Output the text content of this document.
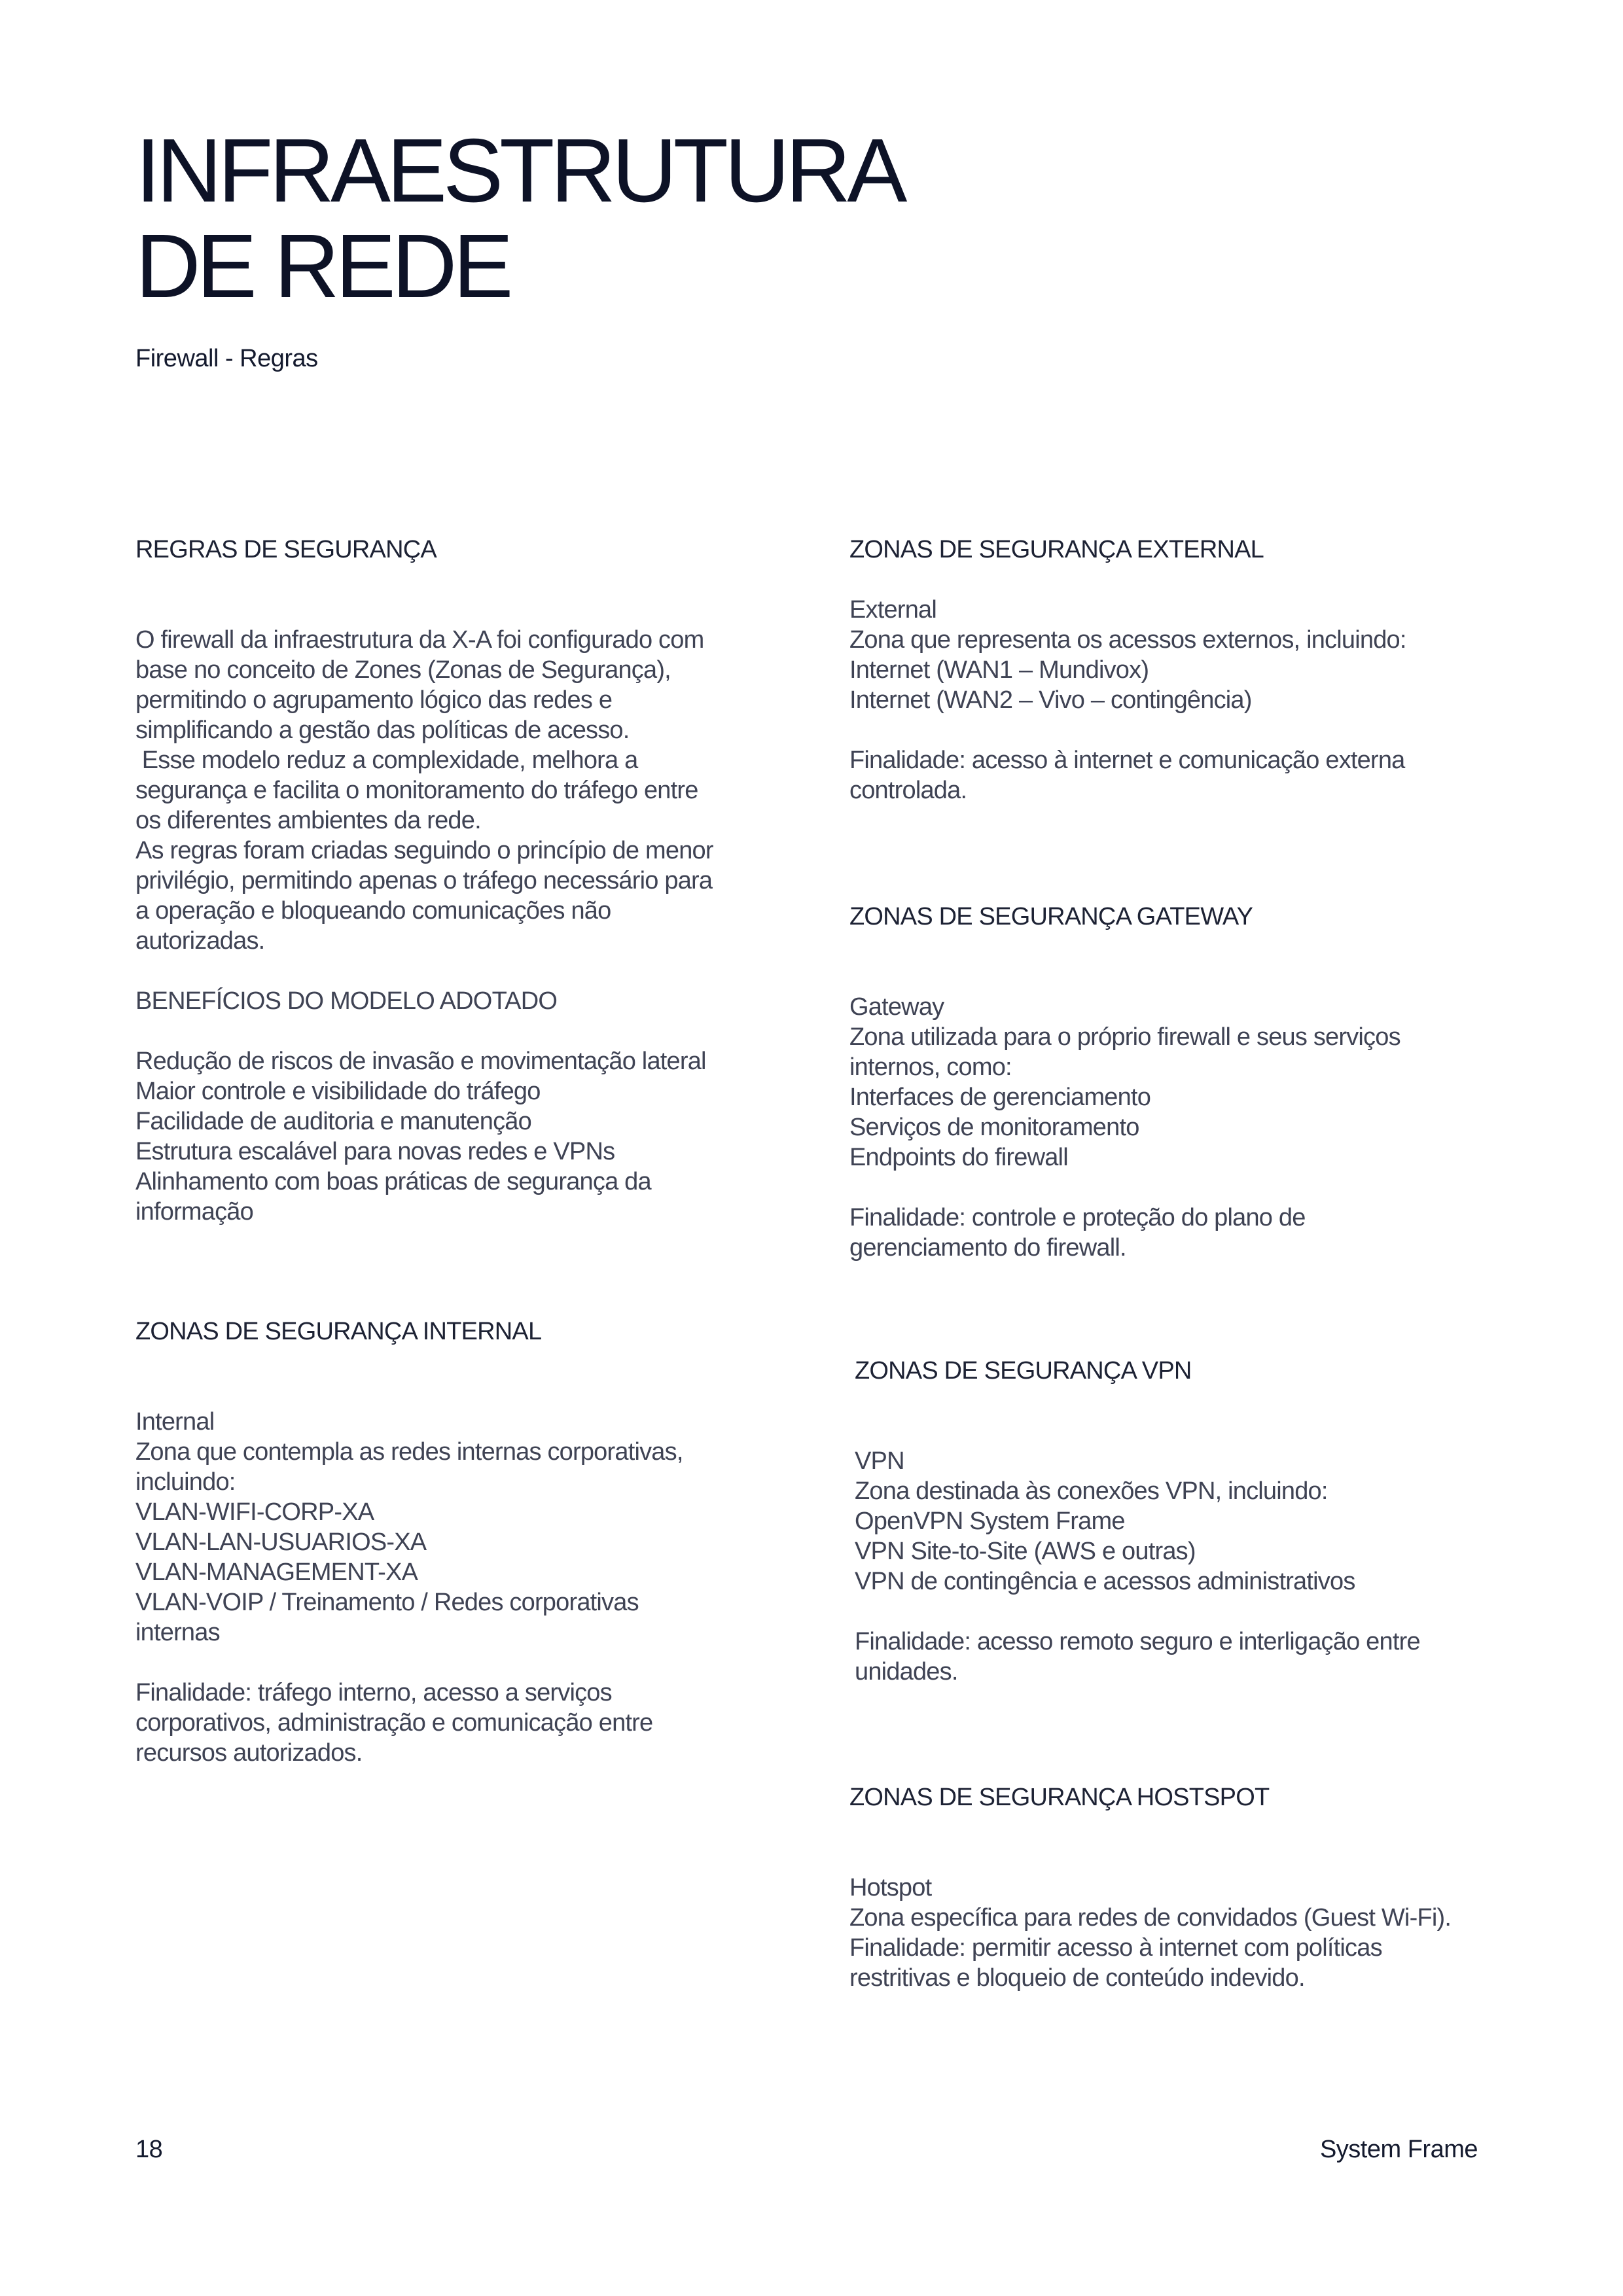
INFRAESTRUTURA
DE REDE
Firewall - Regras
REGRAS DE SEGURANÇA
O firewall da infraestrutura da X-A foi configurado com
base no conceito de Zones (Zonas de Segurança),
permitindo o agrupamento lógico das redes e
simplificando a gestão das políticas de acesso.
Esse modelo reduz a complexidade, melhora a
segurança e facilita o monitoramento do tráfego entre
os diferentes ambientes da rede.
As regras foram criadas seguindo o princípio de menor
privilégio, permitindo apenas o tráfego necessário para
a operação e bloqueando comunicações não
autorizadas.
BENEFÍCIOS DO MODELO ADOTADO
Redução de riscos de invasão e movimentação lateral
Maior controle e visibilidade do tráfego
Facilidade de auditoria e manutenção
Estrutura escalável para novas redes e VPNs
Alinhamento com boas práticas de segurança da
informação
ZONAS DE SEGURANÇA INTERNAL
Internal
Zona que contempla as redes internas corporativas,
incluindo:
VLAN-WIFI-CORP-XA
VLAN-LAN-USUARIOS-XA
VLAN-MANAGEMENT-XA
VLAN-VOIP / Treinamento / Redes corporativas
internas
Finalidade: tráfego interno, acesso a serviços
corporativos, administração e comunicação entre
recursos autorizados.
ZONAS DE SEGURANÇA EXTERNAL
External
Zona que representa os acessos externos, incluindo:
Internet (WAN1 – Mundivox)
Internet (WAN2 – Vivo – contingência)
Finalidade: acesso à internet e comunicação externa
controlada.
ZONAS DE SEGURANÇA GATEWAY
Gateway
Zona utilizada para o próprio firewall e seus serviços
internos, como:
Interfaces de gerenciamento
Serviços de monitoramento
Endpoints do firewall
Finalidade: controle e proteção do plano de
gerenciamento do firewall.
ZONAS DE SEGURANÇA VPN
VPN
Zona destinada às conexões VPN, incluindo:
OpenVPN System Frame
VPN Site-to-Site (AWS e outras)
VPN de contingência e acessos administrativos
Finalidade: acesso remoto seguro e interligação entre
unidades.
ZONAS DE SEGURANÇA HOSTSPOT
Hotspot
Zona específica para redes de convidados (Guest Wi-Fi).
Finalidade: permitir acesso à internet com políticas
restritivas e bloqueio de conteúdo indevido.
18	System Frame
